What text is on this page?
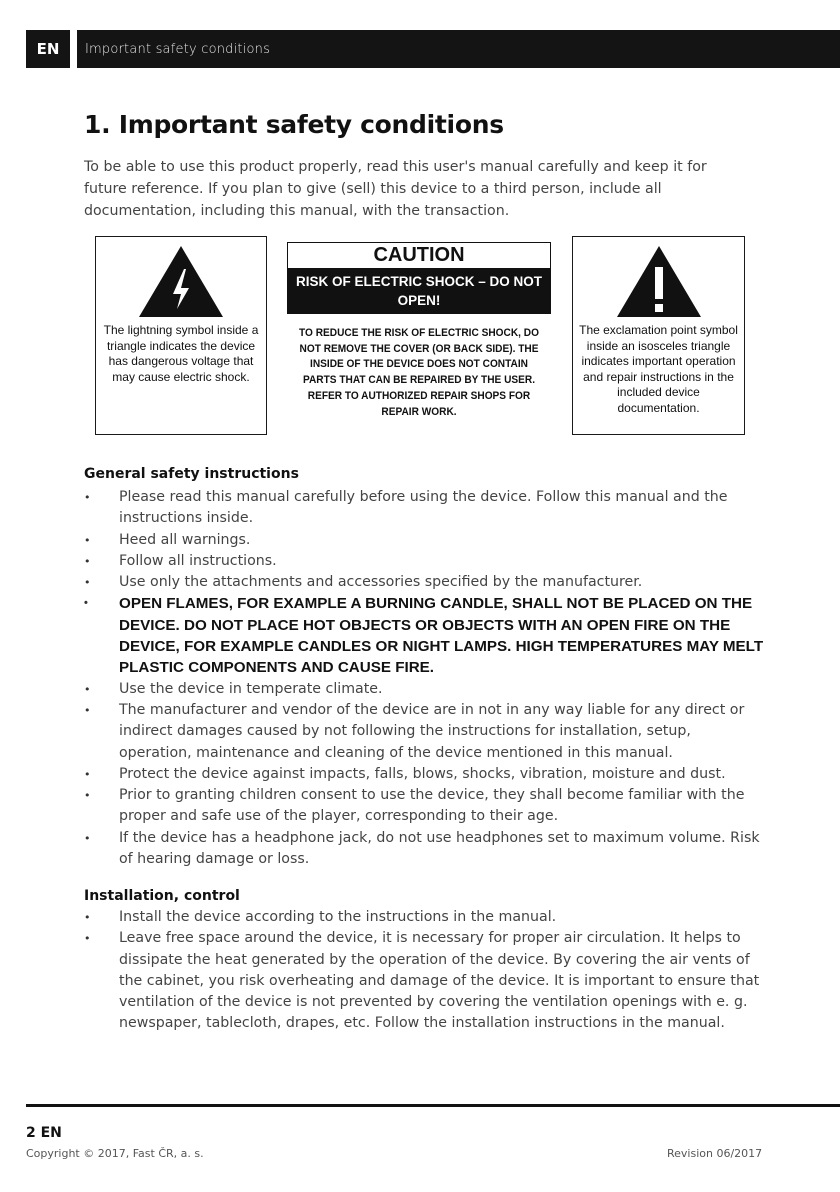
EN	Important safety conditions
1. Important safety conditions

To be able to use this product properly, read this user's manual carefully and keep it for future reference. If you plan to give (sell) this device to a third person, include all documentation, including this manual, with the transaction.

The lightning symbol inside a triangle indicates the device has dangerous voltage that may cause electric shock.
CAUTION
RISK OF ELECTRIC SHOCK – DO NOT OPEN!
TO REDUCE THE RISK OF ELECTRIC SHOCK, DO NOT REMOVE THE COVER (OR BACK SIDE). THE INSIDE OF THE DEVICE DOES NOT CONTAIN PARTS THAT CAN BE REPAIRED BY THE USER. REFER TO AUTHORIZED REPAIR SHOPS FOR REPAIR WORK.
The exclamation point symbol inside an isosceles triangle indicates important operation and repair instructions in the included device documentation.
General safety instructions
• Please read this manual carefully before using the device. Follow this manual and the instructions inside.
• Heed all warnings.
• Follow all instructions.
• Use only the attachments and accessories specified by the manufacturer.
• OPEN FLAMES, FOR EXAMPLE A BURNING CANDLE, SHALL NOT BE PLACED ON THE DEVICE. DO NOT PLACE HOT OBJECTS OR OBJECTS WITH AN OPEN FIRE ON THE DEVICE, FOR EXAMPLE CANDLES OR NIGHT LAMPS. HIGH TEMPERATURES MAY MELT PLASTIC COMPONENTS AND CAUSE FIRE.
• Use the device in temperate climate.
• The manufacturer and vendor of the device are in not in any way liable for any direct or indirect damages caused by not following the instructions for installation, setup, operation, maintenance and cleaning of the device mentioned in this manual.
• Protect the device against impacts, falls, blows, shocks, vibration, moisture and dust.
• Prior to granting children consent to use the device, they shall become familiar with the proper and safe use of the player, corresponding to their age.
• If the device has a headphone jack, do not use headphones set to maximum volume. Risk of hearing damage or loss.
Installation, control
• Install the device according to the instructions in the manual.
• Leave free space around the device, it is necessary for proper air circulation. It helps to dissipate the heat generated by the operation of the device. By covering the air vents of the cabinet, you risk overheating and damage of the device. It is important to ensure that ventilation of the device is not prevented by covering the ventilation openings with e. g. newspaper, tablecloth, drapes, etc. Follow the installation instructions in the manual.
2 EN
Copyright © 2017, Fast ČR, a. s.	Revision 06/2017
